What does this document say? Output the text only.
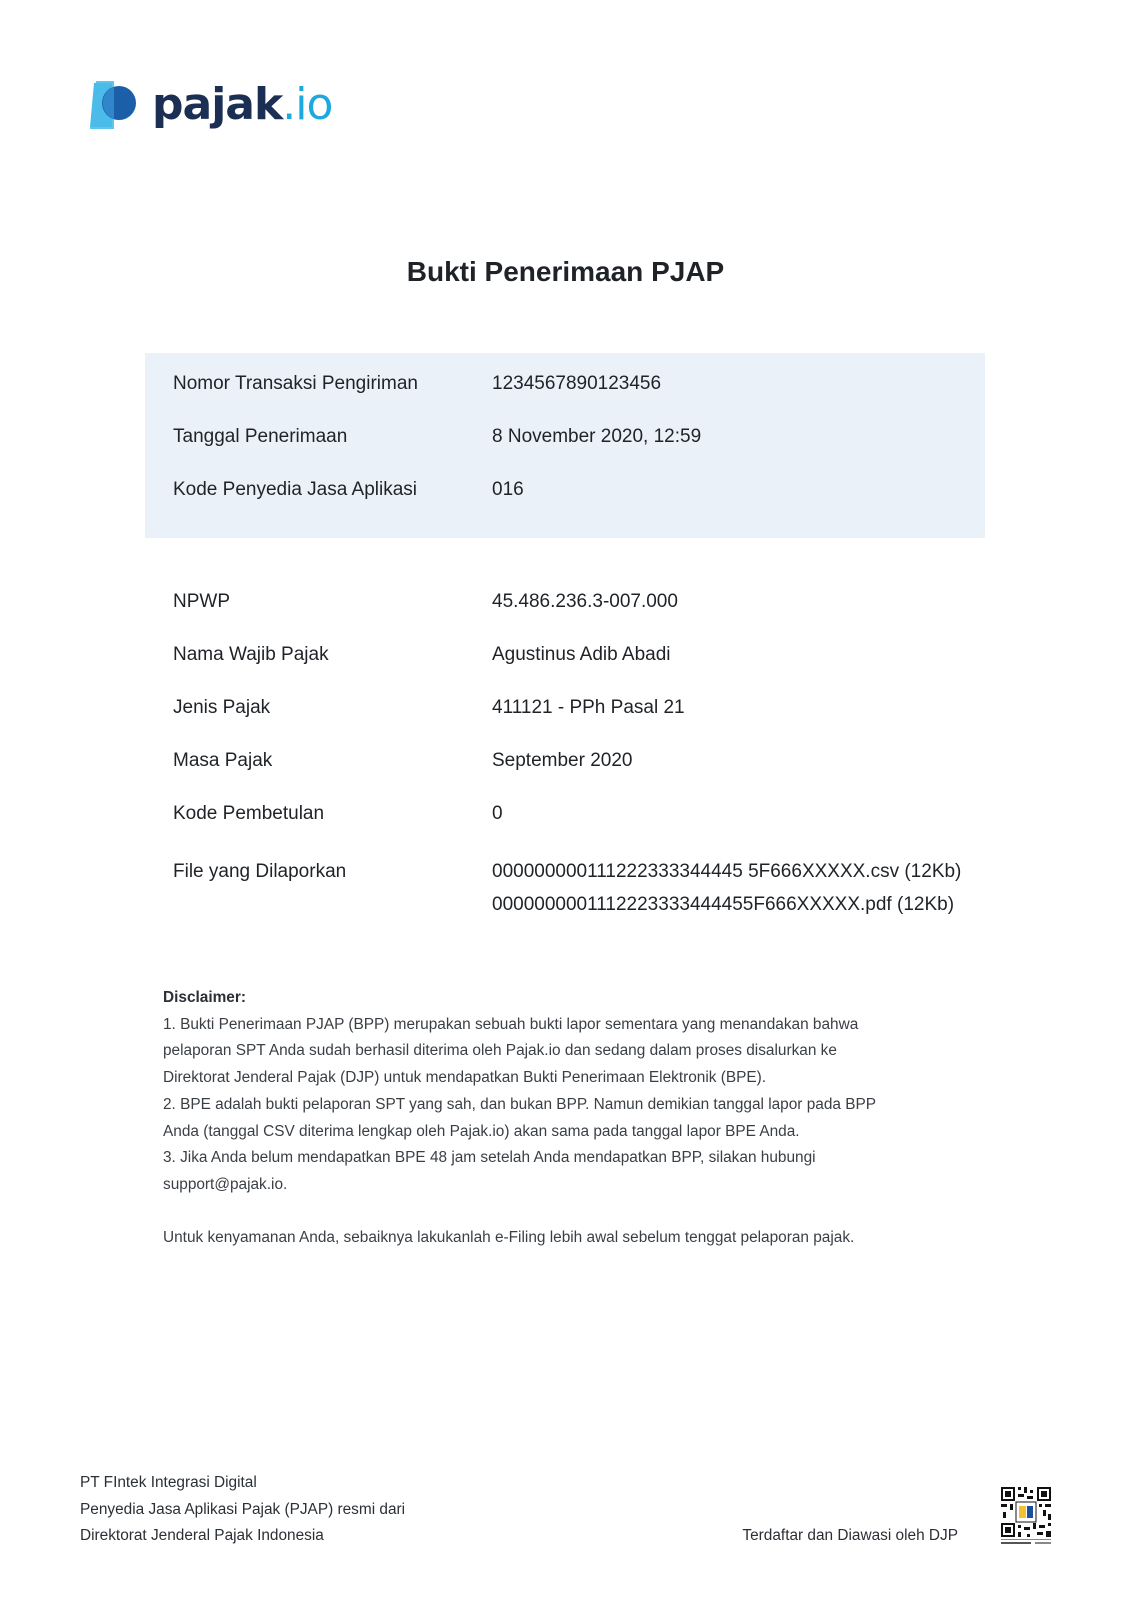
pajak.io
Bukti Penerimaan PJAP
Nomor Transaksi Pengiriman	1234567890123456
Tanggal Penerimaan	8 November 2020, 12:59
Kode Penyedia Jasa Aplikasi	016
NPWP	45.486.236.3-007.000
Nama Wajib Pajak	Agustinus Adib Abadi
Jenis Pajak	411121 - PPh Pasal 21
Masa Pajak	September 2020
Kode Pembetulan	0
File yang Dilaporkan	000000000111222333344445 5F666XXXXX.csv (12Kb)
0000000001112223333444455F666XXXXX.pdf (12Kb)

Disclaimer:

1. Bukti Penerimaan PJAP (BPP) merupakan sebuah bukti lapor sementara yang menandakan bahwa

pelaporan SPT Anda sudah berhasil diterima oleh Pajak.io dan sedang dalam proses disalurkan ke

Direktorat Jenderal Pajak (DJP) untuk mendapatkan Bukti Penerimaan Elektronik (BPE).

2. BPE adalah bukti pelaporan SPT yang sah, dan bukan BPP. Namun demikian tanggal lapor pada BPP

Anda (tanggal CSV diterima lengkap oleh Pajak.io) akan sama pada tanggal lapor BPE Anda.

3. Jika Anda belum mendapatkan BPE 48 jam setelah Anda mendapatkan BPP, silakan hubungi

support@pajak.io.

Untuk kenyamanan Anda, sebaiknya lakukanlah e-Filing lebih awal sebelum tenggat pelaporan pajak.

PT FIntek Integrasi Digital
Penyedia Jasa Aplikasi Pajak (PJAP) resmi dari
Direktorat Jenderal Pajak Indonesia	Terdaftar dan Diawasi oleh DJP
